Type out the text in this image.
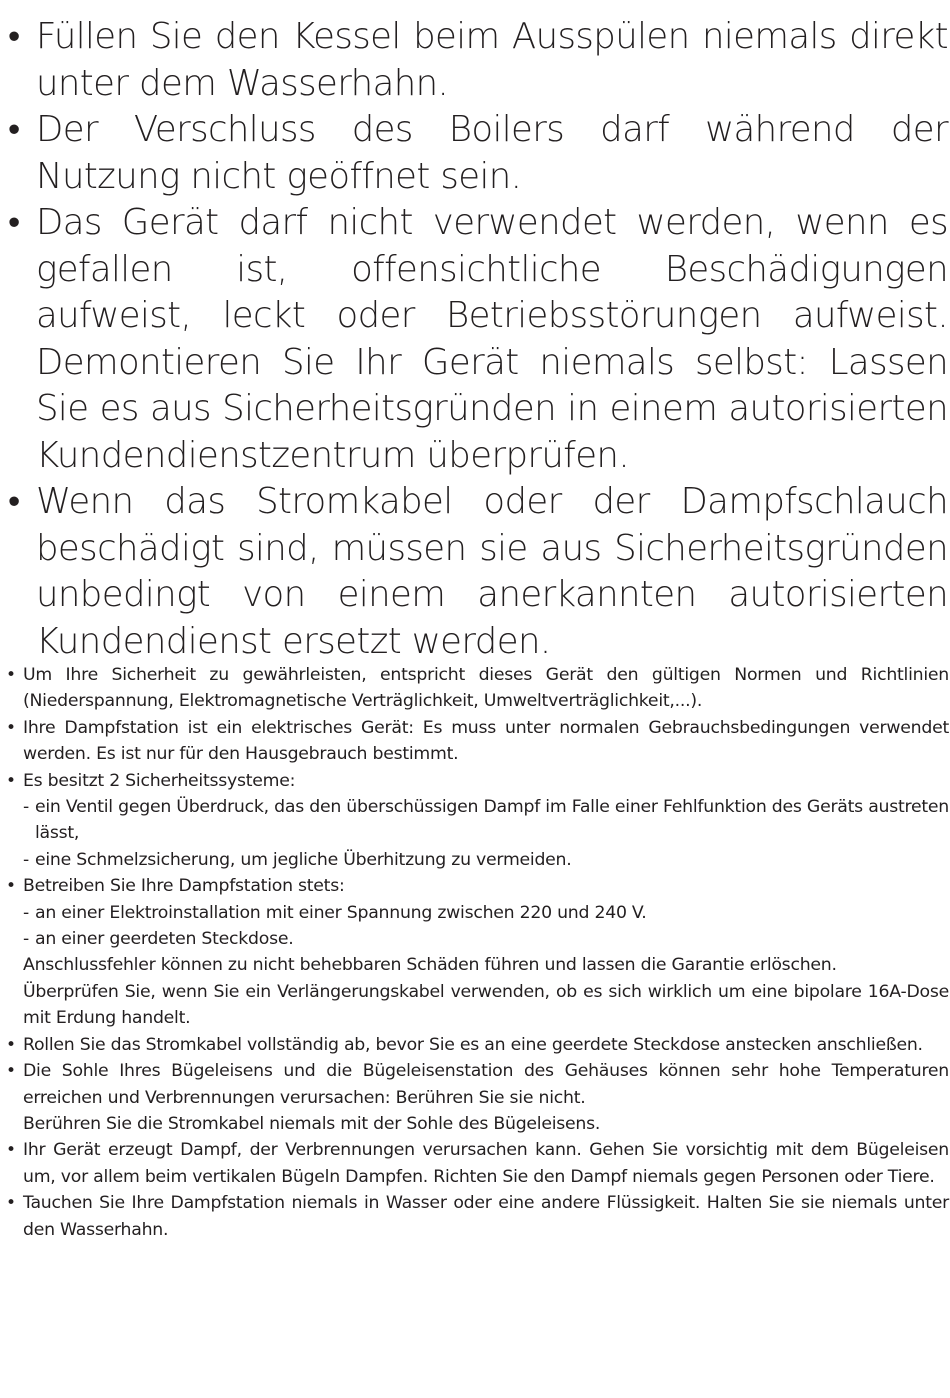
• Füllen Sie den Kessel beim Ausspülen niemals direkt unter dem Wasserhahn.
• Der Verschluss des Boilers darf während der Nutzung nicht geöffnet sein.
• Das Gerät darf nicht verwendet werden, wenn es gefallen ist, offensichtliche Beschädigungen aufweist, leckt oder Betriebsstörungen aufweist. Demontieren Sie Ihr Gerät niemals selbst: Lassen Sie es aus Sicherheitsgründen in einem autorisierten Kundendienstzentrum überprüfen.
• Wenn das Stromkabel oder der Dampfschlauch beschädigt sind, müssen sie aus Sicherheitsgründen unbedingt von einem anerkannten autorisierten Kundendienst ersetzt werden.
• Um Ihre Sicherheit zu gewährleisten, entspricht dieses Gerät den gültigen Normen und Richtlinien (Niederspannung, Elektromagnetische Verträglichkeit, Umweltverträglichkeit,...).
• Ihre Dampfstation ist ein elektrisches Gerät: Es muss unter normalen Gebrauchsbedingungen verwendet werden. Es ist nur für den Hausgebrauch bestimmt.
• Es besitzt 2 Sicherheitssysteme:
- ein Ventil gegen Überdruck, das den überschüssigen Dampf im Falle einer Fehlfunktion des Geräts austreten lässt,
- eine Schmelzsicherung, um jegliche Überhitzung zu vermeiden.
• Betreiben Sie Ihre Dampfstation stets:
- an einer Elektroinstallation mit einer Spannung zwischen 220 und 240 V.
- an einer geerdeten Steckdose.
Anschlussfehler können zu nicht behebbaren Schäden führen und lassen die Garantie erlöschen.
Überprüfen Sie, wenn Sie ein Verlängerungskabel verwenden, ob es sich wirklich um eine bipolare 16A-Dose mit Erdung handelt.
• Rollen Sie das Stromkabel vollständig ab, bevor Sie es an eine geerdete Steckdose anstecken anschließen.
• Die Sohle Ihres Bügeleisens und die Bügeleisenstation des Gehäuses können sehr hohe Temperaturen erreichen und Verbrennungen verursachen: Berühren Sie sie nicht.
Berühren Sie die Stromkabel niemals mit der Sohle des Bügeleisens.
• Ihr Gerät erzeugt Dampf, der Verbrennungen verursachen kann. Gehen Sie vorsichtig mit dem Bügeleisen um, vor allem beim vertikalen Bügeln Dampfen. Richten Sie den Dampf niemals gegen Personen oder Tiere.
• Tauchen Sie Ihre Dampfstation niemals in Wasser oder eine andere Flüssigkeit. Halten Sie sie niemals unter den Wasserhahn.
